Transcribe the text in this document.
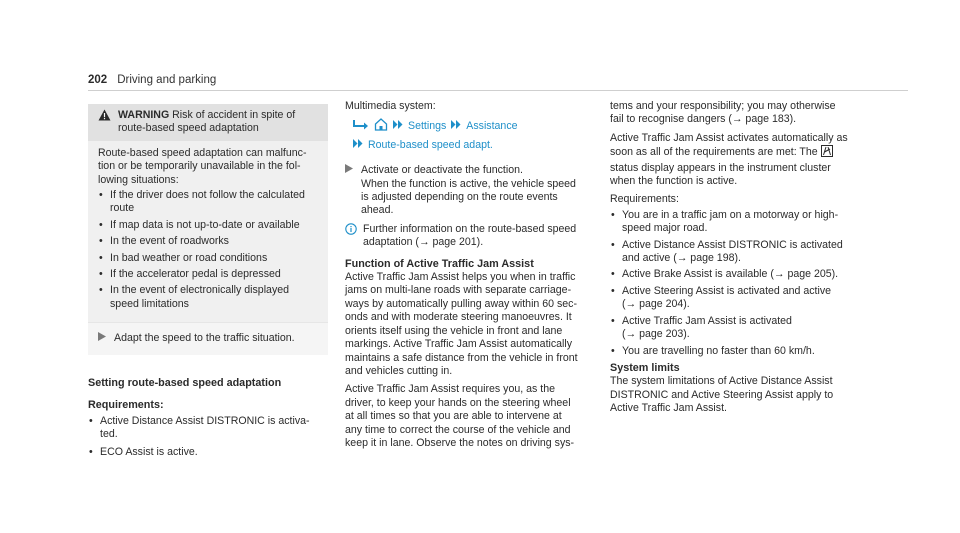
202 Driving and parking
WARNING Risk of accident in spite of
route-based speed adaptation

Route-based speed adaptation can malfunc-
tion or be temporarily unavailable in the fol-
lowing situations:

• If the driver does not follow the calculated
route
• If map data is not up-to-date or available
• In the event of roadworks
• In bad weather or road conditions
• If the accelerator pedal is depressed
• In the event of electronically displayed
speed limitations
Adapt the speed to the traffic situation.
Setting route-based speed adaptation
Requirements:
• Active Distance Assist DISTRONIC is activa-
ted.
• ECO Assist is active.

Multimedia system:

Settings Assistance
Route-based speed adapt.

Activate or deactivate the function.
When the function is active, the vehicle speed
is adjusted depending on the route events
ahead.

Further information on the route-based speed
adaptation (→ page 201).

Function of Active Traffic Jam Assist

Active Traffic Jam Assist helps you when in traffic
jams on multi-lane roads with separate carriage-
ways by automatically pulling away within 60 sec-
onds and with moderate steering manoeuvres. It
orients itself using the vehicle in front and lane
markings. Active Traffic Jam Assist automatically
maintains a safe distance from the vehicle in front
and vehicles cutting in.

Active Traffic Jam Assist requires you, as the
driver, to keep your hands on the steering wheel
at all times so that you are able to intervene at
any time to correct the course of the vehicle and
keep it in lane. Observe the notes on driving sys-

tems and your responsibility; you may otherwise
fail to recognise dangers (→ page 183).

Active Traffic Jam Assist activates automatically as
soon as all of the requirements are met: The
status display appears in the instrument cluster
when the function is active.

Requirements:
• You are in a traffic jam on a motorway or high-
speed major road.
• Active Distance Assist DISTRONIC is activated
and active (→ page 198).
• Active Brake Assist is available (→ page 205).
• Active Steering Assist is activated and active
(→ page 204).
• Active Traffic Jam Assist is activated
(→ page 203).
• You are travelling no faster than 60 km/h.
System limits

The system limitations of Active Distance Assist
DISTRONIC and Active Steering Assist apply to
Active Traffic Jam Assist.
